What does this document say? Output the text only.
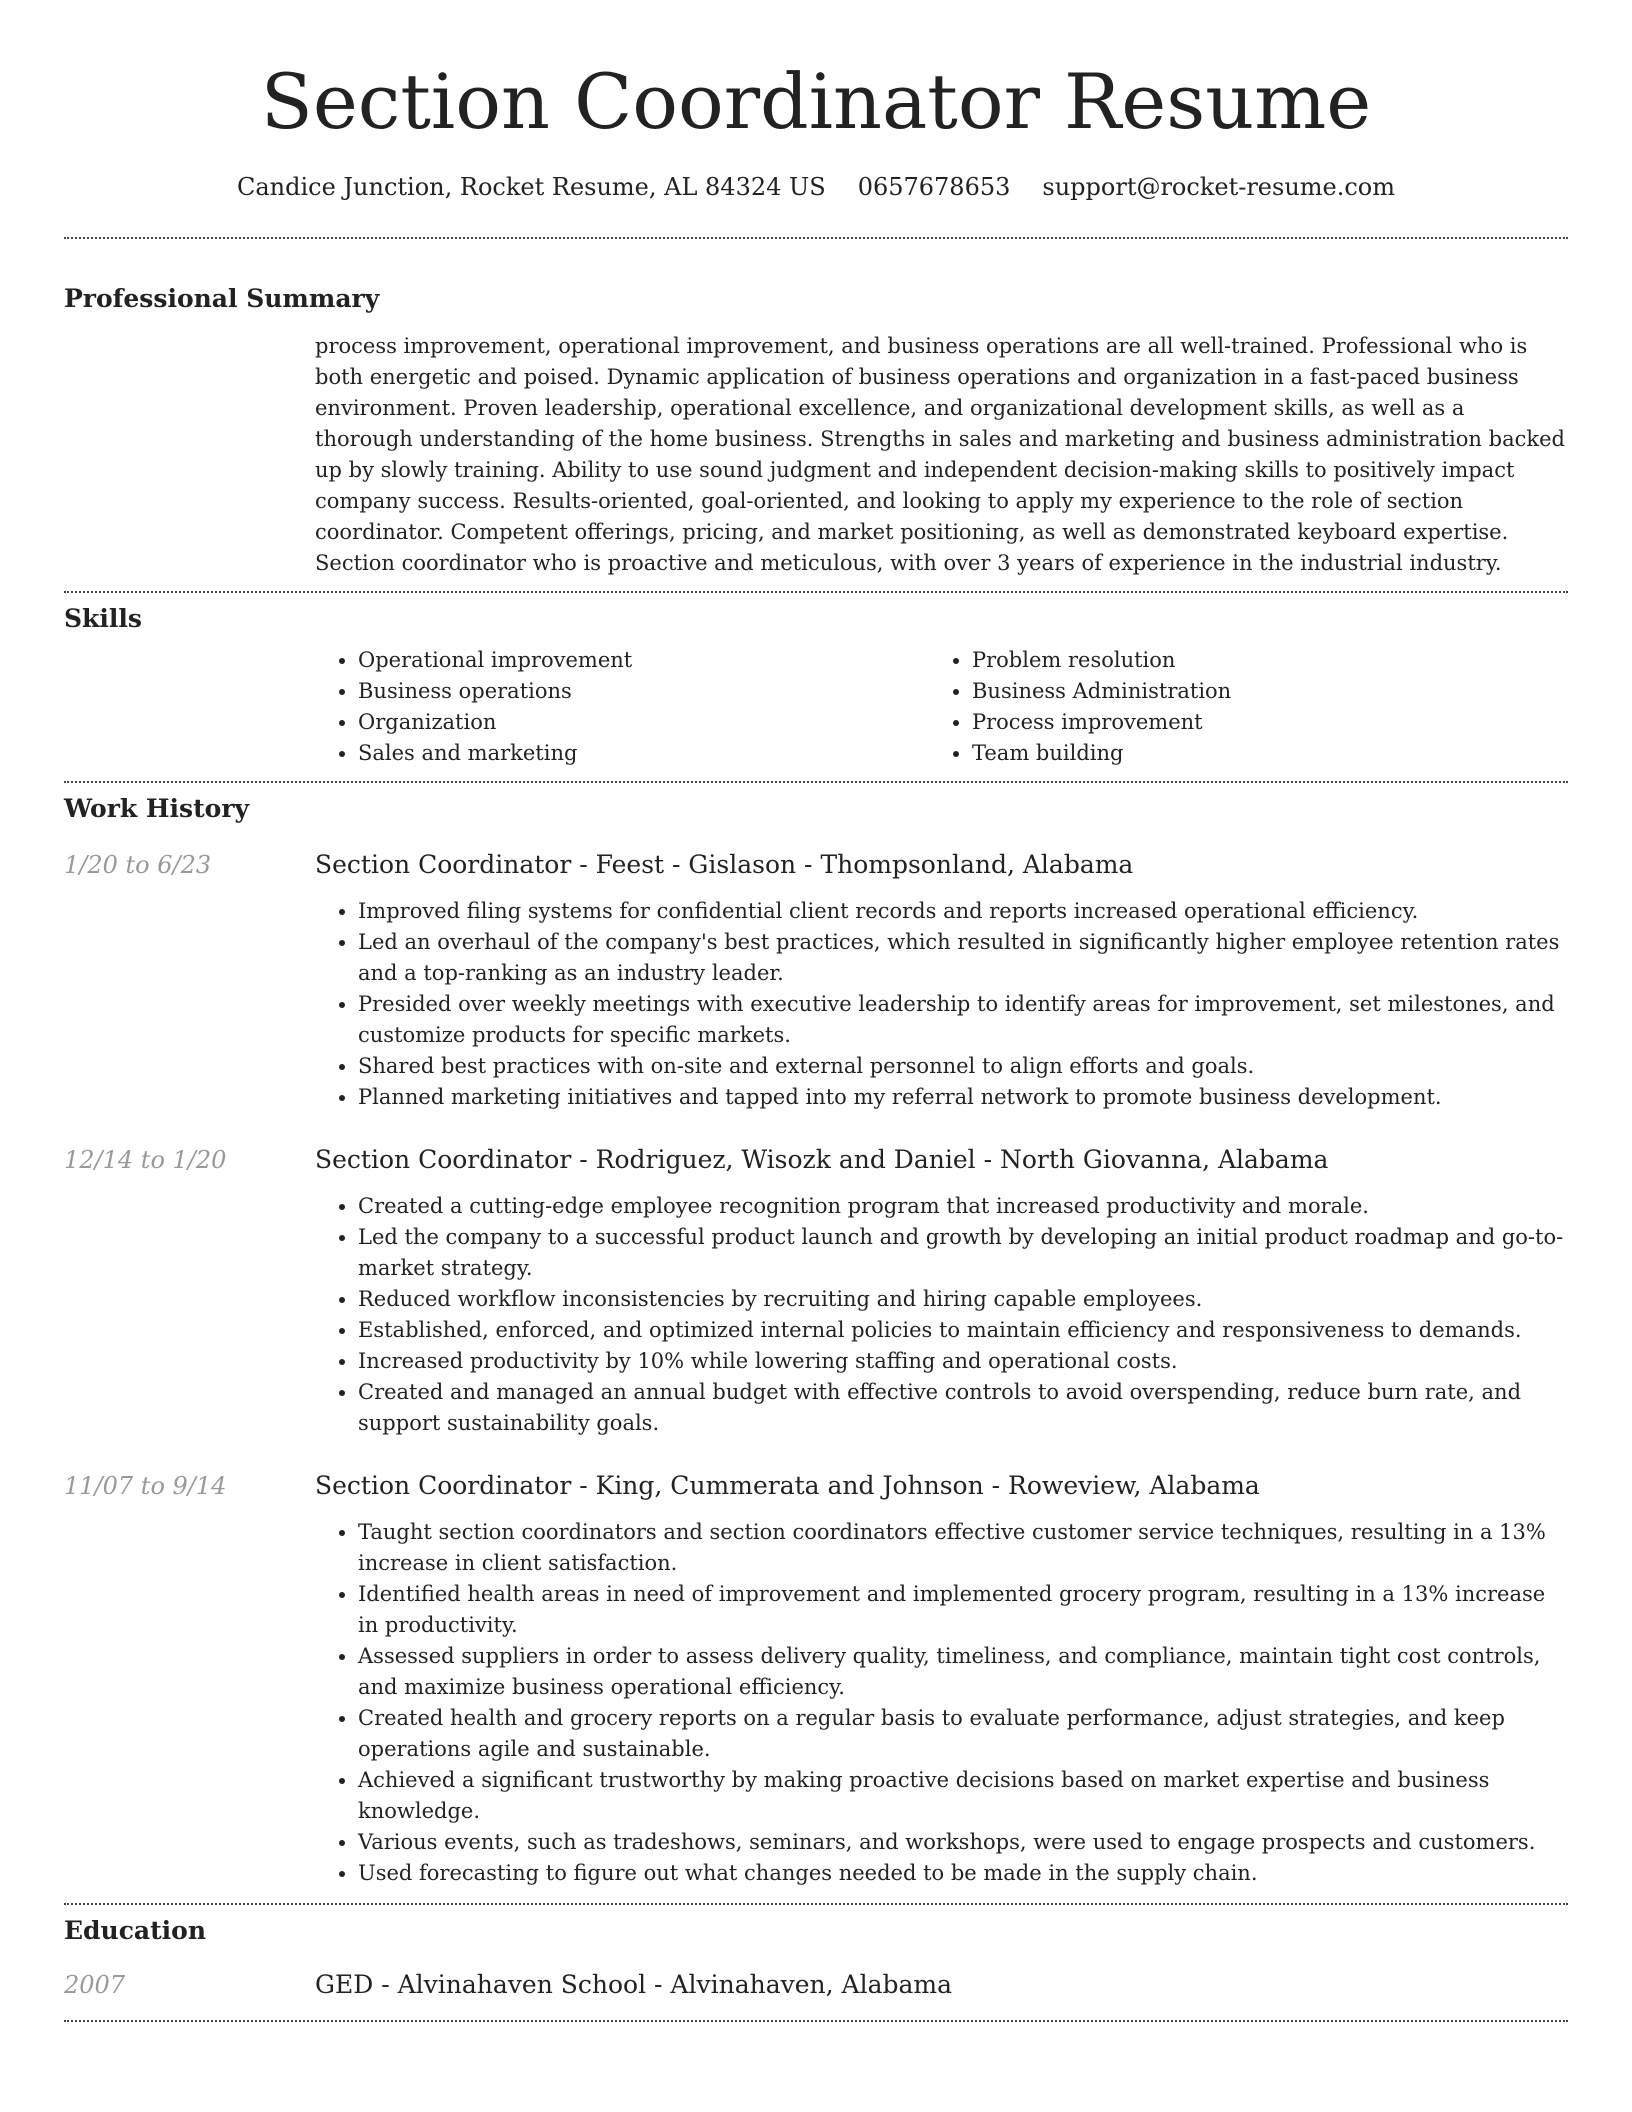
Section Coordinator Resume
Candice Junction, Rocket Resume, AL 84324 US 0657678653 support@rocket-resume.com
Professional Summary
process improvement, operational improvement, and business operations are all well-trained. Professional who is both energetic and poised. Dynamic application of business operations and organization in a fast-paced business environment. Proven leadership, operational excellence, and organizational development skills, as well as a thorough understanding of the home business. Strengths in sales and marketing and business administration backed up by slowly training. Ability to use sound judgment and independent decision-making skills to positively impact company success. Results-oriented, goal-oriented, and looking to apply my experience to the role of section coordinator. Competent offerings, pricing, and market positioning, as well as demonstrated keyboard expertise. Section coordinator who is proactive and meticulous, with over 3 years of experience in the industrial industry.
Skills
• Operational improvement
• Business operations
• Organization
• Sales and marketing
• Problem resolution
• Business Administration
• Process improvement
• Team building
Work History
1/20 to 6/23	Section Coordinator - Feest - Gislason - Thompsonland, Alabama
• Improved filing systems for confidential client records and reports increased operational efficiency.
• Led an overhaul of the company's best practices, which resulted in significantly higher employee retention rates and a top-ranking as an industry leader.
• Presided over weekly meetings with executive leadership to identify areas for improvement, set milestones, and customize products for specific markets.
• Shared best practices with on-site and external personnel to align efforts and goals.
• Planned marketing initiatives and tapped into my referral network to promote business development.
12/14 to 1/20	Section Coordinator - Rodriguez, Wisozk and Daniel - North Giovanna, Alabama
• Created a cutting-edge employee recognition program that increased productivity and morale.
• Led the company to a successful product launch and growth by developing an initial product roadmap and go-to-market strategy.
• Reduced workflow inconsistencies by recruiting and hiring capable employees.
• Established, enforced, and optimized internal policies to maintain efficiency and responsiveness to demands.
• Increased productivity by 10% while lowering staffing and operational costs.
• Created and managed an annual budget with effective controls to avoid overspending, reduce burn rate, and support sustainability goals.
11/07 to 9/14	Section Coordinator - King, Cummerata and Johnson - Roweview, Alabama
• Taught section coordinators and section coordinators effective customer service techniques, resulting in a 13% increase in client satisfaction.
• Identified health areas in need of improvement and implemented grocery program, resulting in a 13% increase in productivity.
• Assessed suppliers in order to assess delivery quality, timeliness, and compliance, maintain tight cost controls, and maximize business operational efficiency.
• Created health and grocery reports on a regular basis to evaluate performance, adjust strategies, and keep operations agile and sustainable.
• Achieved a significant trustworthy by making proactive decisions based on market expertise and business knowledge.
• Various events, such as tradeshows, seminars, and workshops, were used to engage prospects and customers.
• Used forecasting to figure out what changes needed to be made in the supply chain.
Education
2007	GED - Alvinahaven School - Alvinahaven, Alabama
